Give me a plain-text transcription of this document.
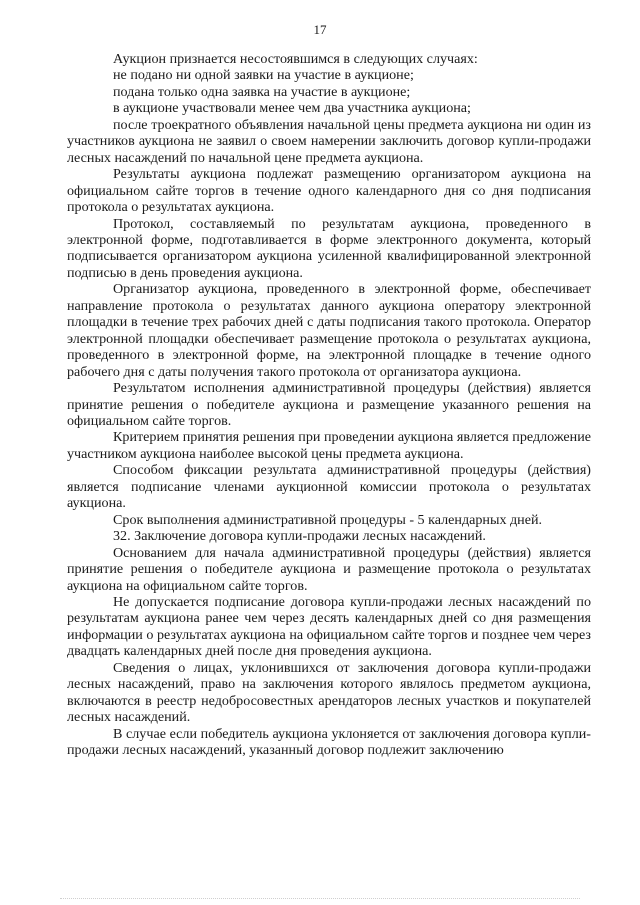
17

Аукцион признается несостоявшимся в следующих случаях:

не подано ни одной заявки на участие в аукционе;

подана только одна заявка на участие в аукционе;

в аукционе участвовали менее чем два участника аукциона;

после троекратного объявления начальной цены предмета аукциона ни один из участников аукциона не заявил о своем намерении заключить договор купли-продажи лесных насаждений по начальной цене предмета аукциона.

Результаты аукциона подлежат размещению организатором аукциона на официальном сайте торгов в течение одного календарного дня со дня подписания протокола о результатах аукциона.

Протокол, составляемый по результатам аукциона, проведенного в электронной форме, подготавливается в форме электронного документа, который подписывается организатором аукциона усиленной квалифицированной электронной подписью в день проведения аукциона.

Организатор аукциона, проведенного в электронной форме, обеспечивает направление протокола о результатах данного аукциона оператору электронной площадки в течение трех рабочих дней с даты подписания такого протокола. Оператор электронной площадки обеспечивает размещение протокола о результатах аукциона, проведенного в электронной форме, на электронной площадке в течение одного рабочего дня с даты получения такого протокола от организатора аукциона.

Результатом исполнения административной процедуры (действия) является принятие решения о победителе аукциона и размещение указанного решения на официальном сайте торгов.

Критерием принятия решения при проведении аукциона является предложение участником аукциона наиболее высокой цены предмета аукциона.

Способом фиксации результата административной процедуры (действия) является подписание членами аукционной комиссии протокола о результатах аукциона.

Срок выполнения административной процедуры - 5 календарных дней.

32. Заключение договора купли-продажи лесных насаждений.

Основанием для начала административной процедуры (действия) является принятие решения о победителе аукциона и размещение протокола о результатах аукциона на официальном сайте торгов.

Не допускается подписание договора купли-продажи лесных насаждений по результатам аукциона ранее чем через десять календарных дней со дня размещения информации о результатах аукциона на официальном сайте торгов и позднее чем через двадцать календарных дней после дня проведения аукциона.

Сведения о лицах, уклонившихся от заключения договора купли-продажи лесных насаждений, право на заключения которого являлось предметом аукциона, включаются в реестр недобросовестных арендаторов лесных участков и покупателей лесных насаждений.

В случае если победитель аукциона уклоняется от заключения договора купли-продажи лесных насаждений, указанный договор подлежит заключению
